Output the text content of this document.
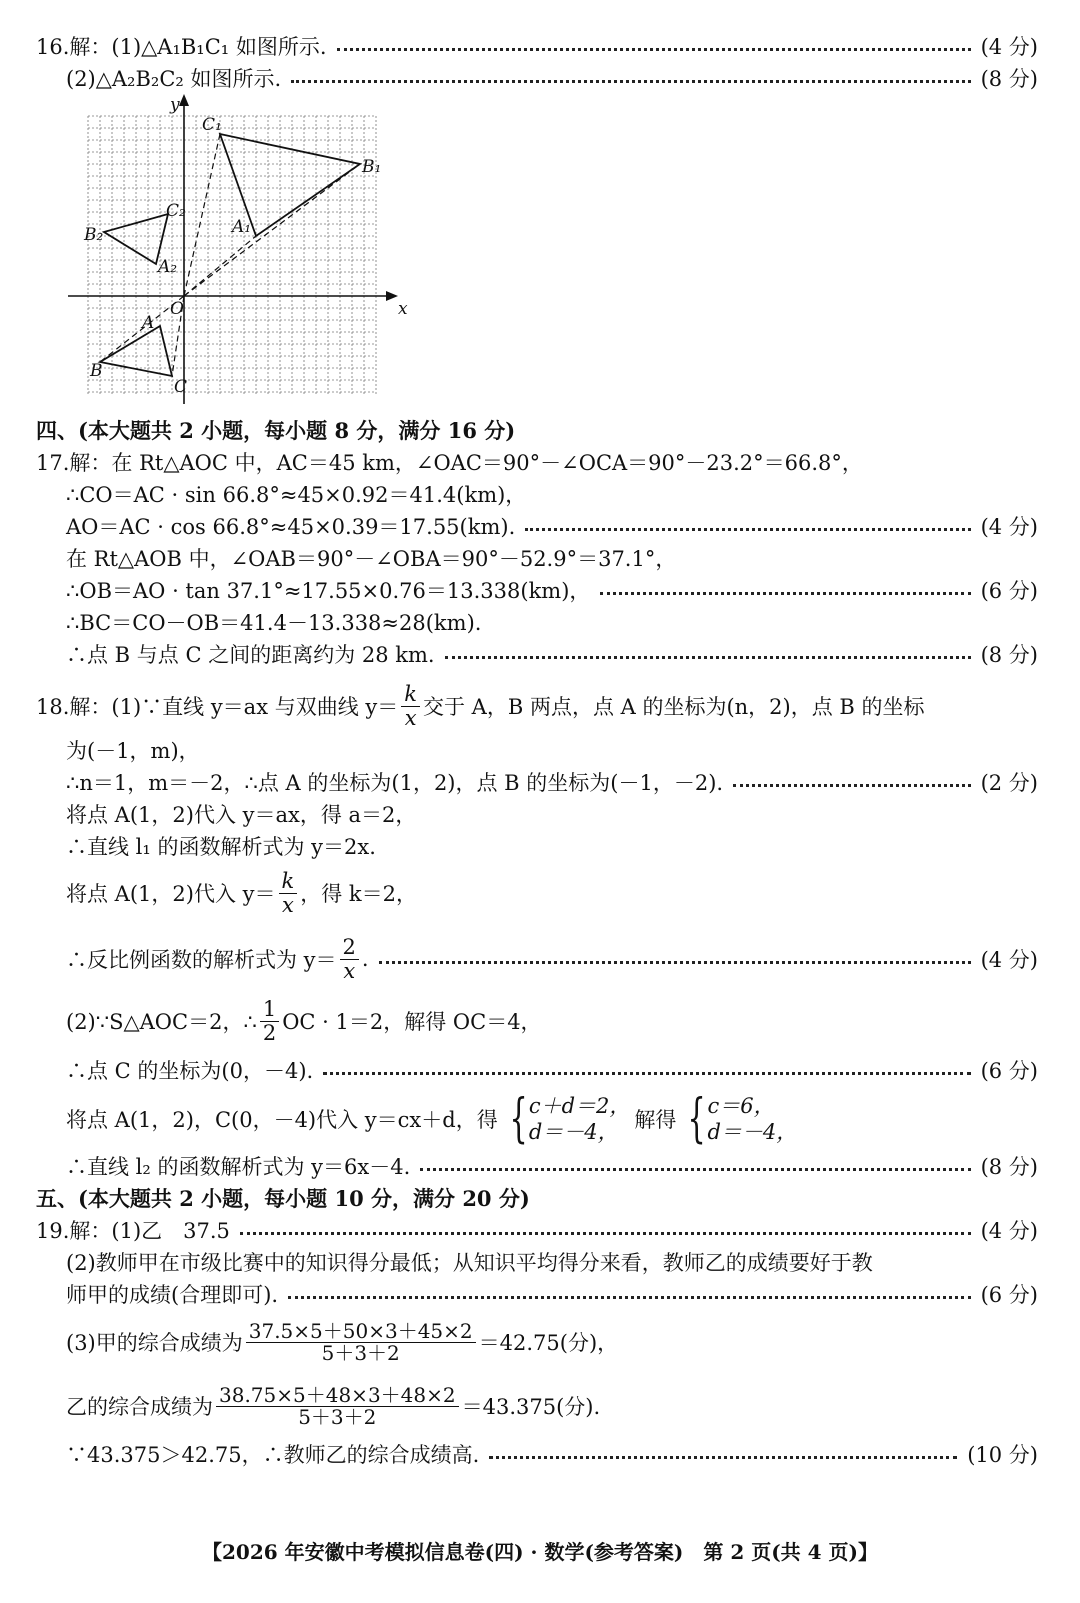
16.解：(1)△A₁B₁C₁ 如图所示.	(4 分)
(2)△A₂B₂C₂ 如图所示.	(8 分)
x
y
O
C₁
B₁
A₁
C₂
B₂
A₂
A
B
C
四、(本大题共 2 小题，每小题 8 分，满分 16 分)
17.解：在 Rt△AOC 中，AC＝45 km，∠OAC＝90°－∠OCA＝90°－23.2°＝66.8°，
∴CO＝AC · sin 66.8°≈45×0.92＝41.4(km)，
AO＝AC · cos 66.8°≈45×0.39＝17.55(km).	(4 分)
在 Rt△AOB 中，∠OAB＝90°－∠OBA＝90°－52.9°＝37.1°，
∴OB＝AO · tan 37.1°≈17.55×0.76＝13.338(km)，	(6 分)
∴BC＝CO－OB＝41.4－13.338≈28(km).
∴点 B 与点 C 之间的距离约为 28 km.	(8 分)
18.解：(1)∵直线 y＝ax 与双曲线 $y= \frac{k}{x}$ 交于 A，B 两点，点 A 的坐标为(n，2)，点 B 的坐标
为(－1，m)，
∴n＝1，m＝－2，∴点 A 的坐标为(1，2)，点 B 的坐标为(－1，－2).	(2 分)
将点 A(1，2)代入 y＝ax，得 a＝2，
∴直线 l₁ 的函数解析式为 y＝2x.
将点 A(1，2)代入 $y= \frac{k}{x}$ ，得 k＝2，
∴反比例函数的解析式为 $y= \frac{2}{x}$ .	(4 分)
(2)∵S△AOC＝2，∴ $\frac{1}{2}$ OC · 1＝2，解得 OC＝4，
∴点 C 的坐标为(0，－4).	(6 分)
将点 A(1，2)，C(0，－4)代入 y＝cx＋d，得 { c＋d＝2，
d＝－4， 解得 { c＝6，
d＝－4，
∴直线 l₂ 的函数解析式为 y＝6x－4.	(8 分)
五、(本大题共 2 小题，每小题 10 分，满分 20 分)
19.解：(1)乙　37.5	(4 分)
(2)教师甲在市级比赛中的知识得分最低；从知识平均得分来看，教师乙的成绩要好于教
师甲的成绩(合理即可).	(6 分)
(3)甲的综合成绩为 $\frac{37.5\times 5+50\times 3+45\times 2}{5+3+2} =42.75$(分)，
乙的综合成绩为 $\frac{38.75\times 5+48\times 3+48\times 2}{5+3+2} =43.375$(分).
∵43.375＞42.75，∴教师乙的综合成绩高.	(10 分)
【2026 年安徽中考模拟信息卷(四) · 数学(参考答案)　第 2 页(共 4 页)】
